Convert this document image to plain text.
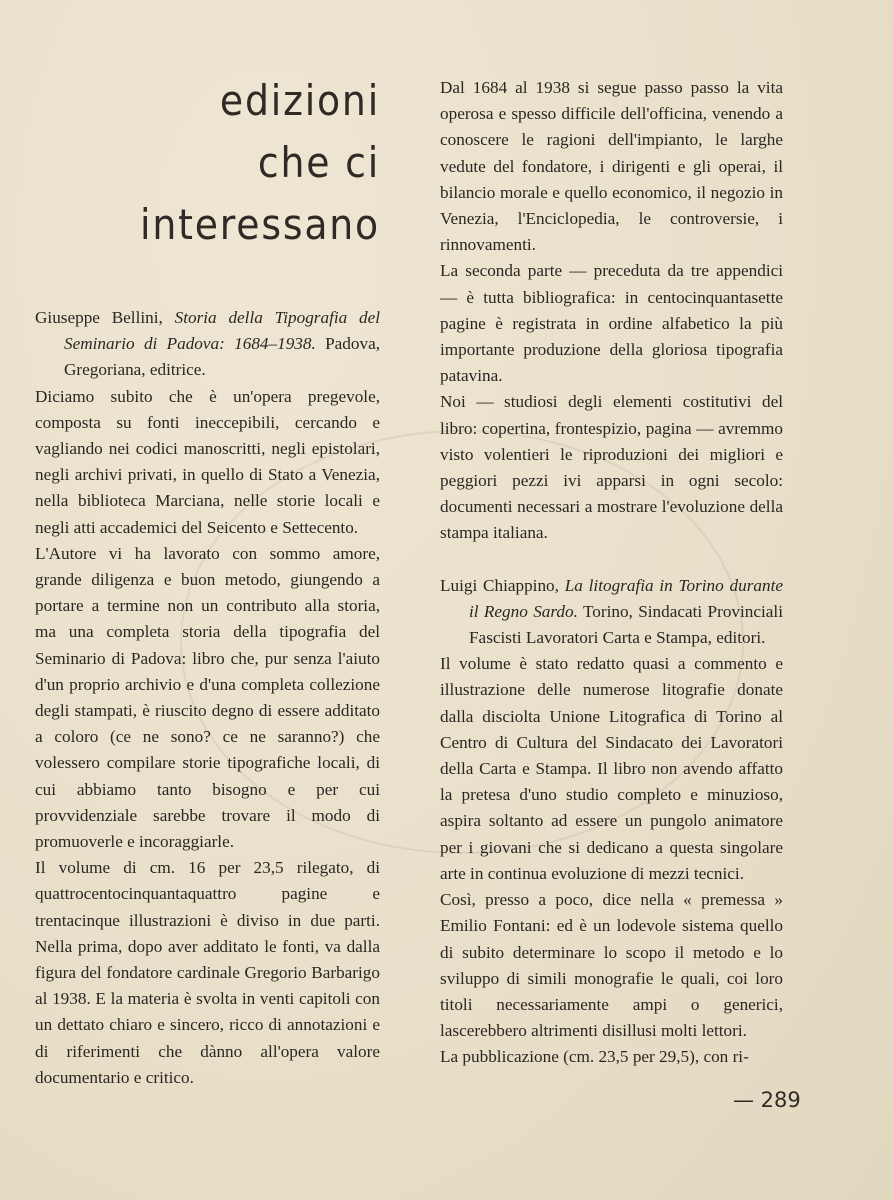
edizioni
che ci interessano

Giuseppe Bellini, Storia della Tipografia del Seminario di Padova: 1684–1938. Padova, Gregoriana, editrice.

Diciamo subito che è un'opera pregevole, composta su fonti ineccepibili, cercando e vagliando nei codici manoscritti, negli epistolari, negli archivi privati, in quello di Stato a Venezia, nella biblioteca Marciana, nelle storie locali e negli atti accademici del Seicento e Settecento.

L'Autore vi ha lavorato con sommo amore, grande diligenza e buon metodo, giungendo a portare a termine non un contributo alla storia, ma una completa storia della tipografia del Seminario di Padova: libro che, pur senza l'aiuto d'un proprio archivio e d'una completa collezione degli stampati, è riuscito degno di essere additato a coloro (ce ne sono? ce ne saranno?) che volessero compilare storie tipografiche locali, di cui abbiamo tanto bisogno e per cui provvidenziale sarebbe trovare il modo di promuoverle e incoraggiarle.

Il volume di cm. 16 per 23,5 rilegato, di quattrocentocinquantaquattro pagine e trentacinque illustrazioni è diviso in due parti. Nella prima, dopo aver additato le fonti, va dalla figura del fondatore cardinale Gregorio Barbarigo al 1938. E la materia è svolta in venti capitoli con un dettato chiaro e sincero, ricco di annotazioni e di riferimenti che dànno all'opera valore documentario e critico.

Dal 1684 al 1938 si segue passo passo la vita operosa e spesso difficile dell'officina, venendo a conoscere le ragioni dell'impianto, le larghe vedute del fondatore, i dirigenti e gli operai, il bilancio morale e quello economico, il negozio in Venezia, l'Enciclopedia, le controversie, i rinnovamenti.

La seconda parte — preceduta da tre appendici — è tutta bibliografica: in centocinquantasette pagine è registrata in ordine alfabetico la più importante produzione della gloriosa tipografia patavina.

Noi — studiosi degli elementi costitutivi del libro: copertina, frontespizio, pagina — avremmo visto volentieri le riproduzioni dei migliori e peggiori pezzi ivi apparsi in ogni secolo: documenti necessari a mostrare l'evoluzione della stampa italiana.

Luigi Chiappino, La litografia in Torino durante il Regno Sardo. Torino, Sindacati Provinciali Fascisti Lavoratori Carta e Stampa, editori.

Il volume è stato redatto quasi a commento e illustrazione delle numerose litografie donate dalla disciolta Unione Litografica di Torino al Centro di Cultura del Sindacato dei Lavoratori della Carta e Stampa. Il libro non avendo affatto la pretesa d'uno studio completo e minuzioso, aspira soltanto ad essere un pungolo animatore per i giovani che si dedicano a questa singolare arte in continua evoluzione di mezzi tecnici.

Così, presso a poco, dice nella « premessa » Emilio Fontani: ed è un lodevole sistema quello di subito determinare lo scopo il metodo e lo sviluppo di simili monografie le quali, coi loro titoli necessariamente ampi o generici, lascerebbero altrimenti disillusi molti lettori.

La pubblicazione (cm. 23,5 per 29,5), con ri-

— 289
